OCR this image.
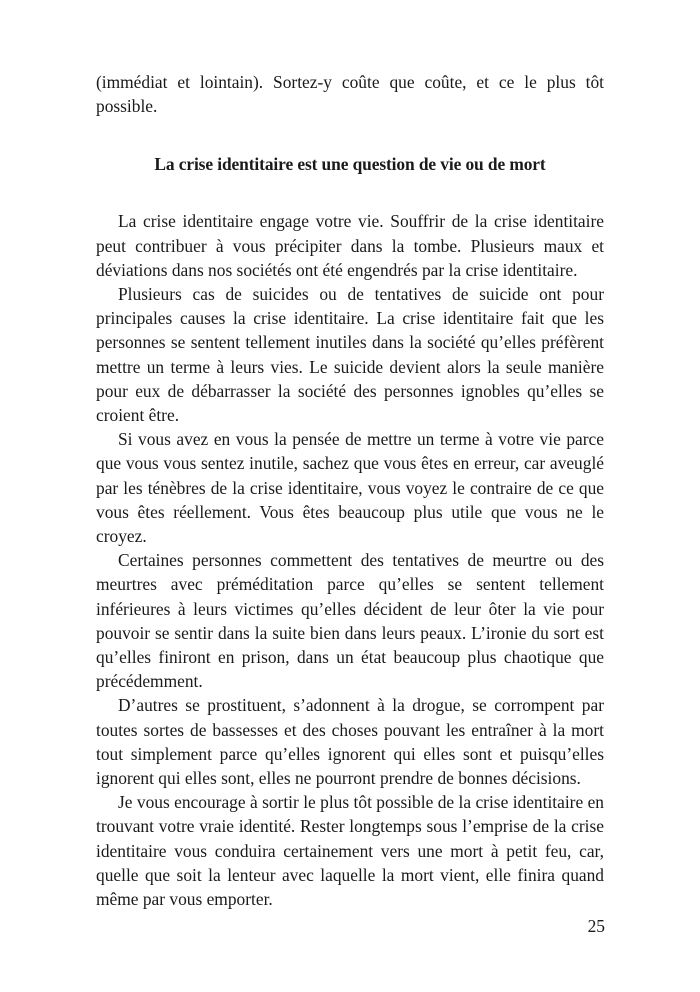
(immédiat et lointain). Sortez-y coûte que coûte, et ce le plus tôt possible.

La crise identitaire est une question de vie ou de mort

La crise identitaire engage votre vie. Souffrir de la crise identitaire peut contribuer à vous précipiter dans la tombe. Plusieurs maux et déviations dans nos sociétés ont été engendrés par la crise identitaire.

Plusieurs cas de suicides ou de tentatives de suicide ont pour principales causes la crise identitaire. La crise identitaire fait que les personnes se sentent tellement inutiles dans la société qu’elles préfèrent mettre un terme à leurs vies. Le suicide devient alors la seule manière pour eux de débarrasser la société des personnes ignobles qu’elles se croient être.

Si vous avez en vous la pensée de mettre un terme à votre vie parce que vous vous sentez inutile, sachez que vous êtes en erreur, car aveuglé par les ténèbres de la crise identitaire, vous voyez le contraire de ce que vous êtes réellement. Vous êtes beaucoup plus utile que vous ne le croyez.

Certaines personnes commettent des tentatives de meurtre ou des meurtres avec préméditation parce qu’elles se sentent tellement inférieures à leurs victimes qu’elles décident de leur ôter la vie pour pouvoir se sentir dans la suite bien dans leurs peaux. L’ironie du sort est qu’elles finiront en prison, dans un état beaucoup plus chaotique que précédemment.

D’autres se prostituent, s’adonnent à la drogue, se corrompent par toutes sortes de bassesses et des choses pouvant les entraîner à la mort tout simplement parce qu’elles ignorent qui elles sont et puisqu’elles ignorent qui elles sont, elles ne pourront prendre de bonnes décisions.

Je vous encourage à sortir le plus tôt possible de la crise identitaire en trouvant votre vraie identité. Rester longtemps sous l’emprise de la crise identitaire vous conduira certainement vers une mort à petit feu, car, quelle que soit la lenteur avec laquelle la mort vient, elle finira quand même par vous emporter.

25
